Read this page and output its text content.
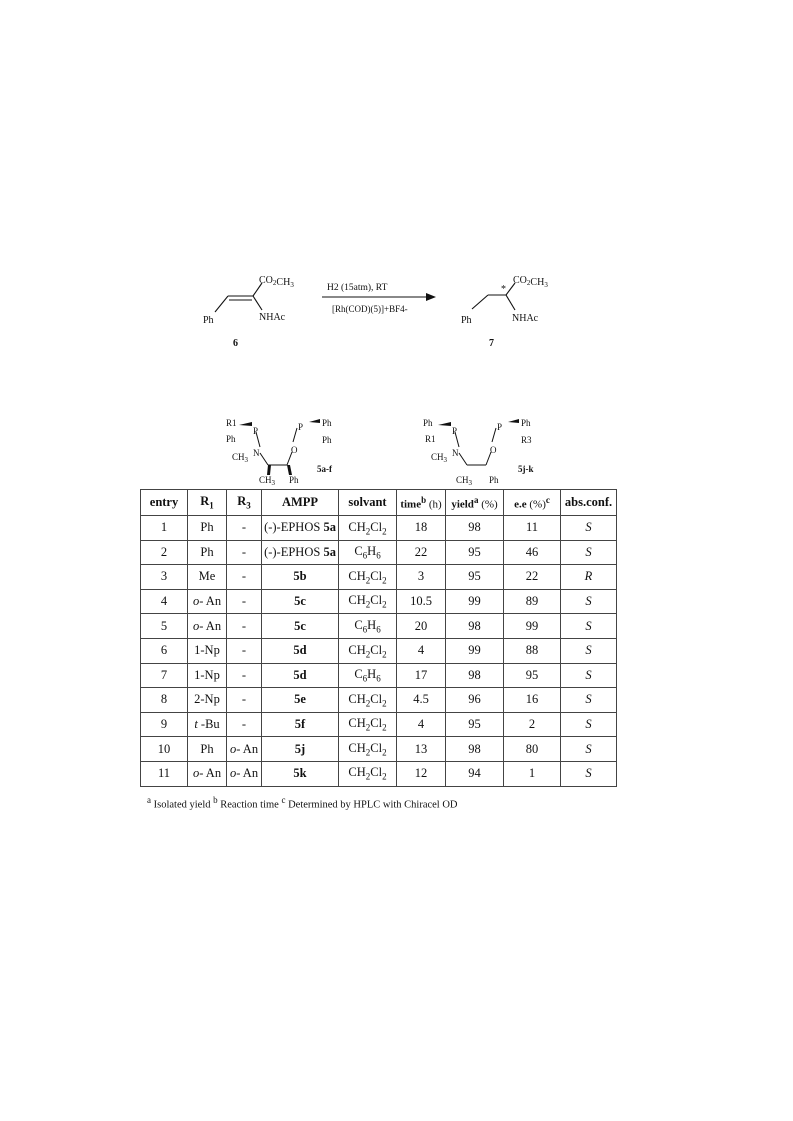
$CO_2CH_3$
NHAc
Ph
6
H2 (15atm), RT
[Rh(COD)(5)]+BF4-
$CO_2CH_3$
*
NHAc
Ph
7
R1
P
Ph
N
$CH_3$
P Ph
Ph
O
$CH_3$ Ph
5a-f
Ph
P
R1
N
$CH_3$
P Ph
R3
O
$CH_3$ Ph
5j-k
entry	$R_1$	$R_3$	AMPP	solvant	time$^b$ (h)	yield$^a$ (%)	e.e (%)$^c$	abs.conf.
1	Ph	-	(-)-EPHOS 5a	$CH_2Cl_2$	18	98	11	S
2	Ph	-	(-)-EPHOS 5a	$C_6H_6$	22	95	46	S
3	Me	-	5b	$CH_2Cl_2$	3	95	22	R
4	o- An	-	5c	$CH_2Cl_2$	10.5	99	89	S
5	o- An	-	5c	$C_6H_6$	20	98	99	S
6	1-Np	-	5d	$CH_2Cl_2$	4	99	88	S
7	1-Np	-	5d	$C_6H_6$	17	98	95	S
8	2-Np	-	5e	$CH_2Cl_2$	4.5	96	16	S
9	t -Bu	-	5f	$CH_2Cl_2$	4	95	2	S
10	Ph	o- An	5j	$CH_2Cl_2$	13	98	80	S
11	o- An	o- An	5k	$CH_2Cl_2$	12	94	1	S
$^a$ Isolated yield $^b$ Reaction time $^c$ Determined by HPLC with Chiracel OD
